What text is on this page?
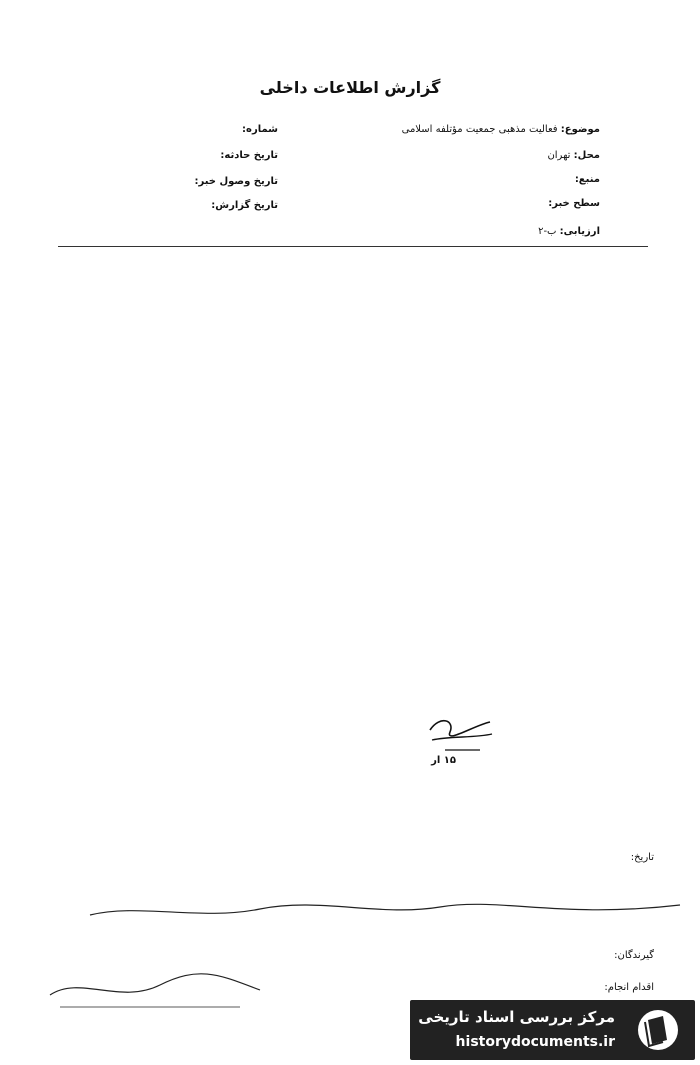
گزارش اطلاعات داخلی
موضوع: فعالیت مذهبی جمعیت مؤتلفه اسلامی
محل: تهران
منبع:
سطح خبر:
ارزیابی: ب-۲
شماره:
تاریخ حادثه:
تاریخ وصول خبر:
تاریخ گزارش:
۱۵ ار
تاریخ:
گیرندگان:
اقدام انجام:
مرکز بررسی اسناد تاریخی
historydocuments.ir
